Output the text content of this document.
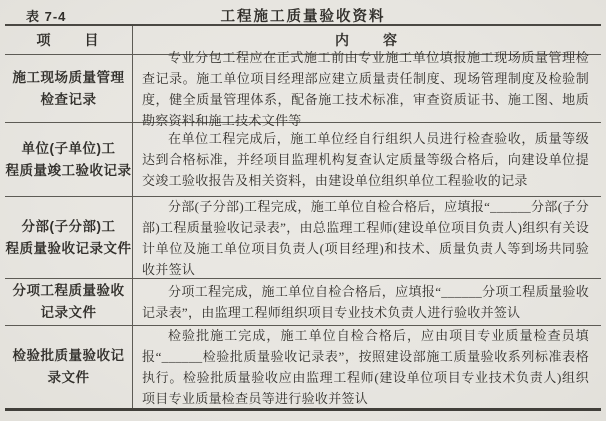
表 7-4	工程施工质量验收资料
项　　目	内　　容
施工现场质量管理
检查记录

专业分包工程应在正式施工前由专业施工单位填报施工现场质量管理检查记录。施工单位项目经理部应建立质量责任制度、现场管理制度及检验制度，健全质量管理体系，配备施工技术标准，审查资质证书、施工图、地质勘察资料和施工技术文件等

单位(子单位)工
程质量竣工验收记录

在单位工程完成后，施工单位经自行组织人员进行检查验收，质量等级达到合格标准，并经项目监理机构复查认定质量等级合格后，向建设单位提交竣工验收报告及相关资料，由建设单位组织单位工程验收的记录

分部(子分部)工
程质量验收记录文件

分部(子分部)工程完成，施工单位自检合格后，应填报“______分部(子分部)工程质量验收记录表”，由总监理工程师(建设单位项目负责人)组织有关设计单位及施工单位项目负责人(项目经理)和技术、质量负责人等到场共同验收并签认

分项工程质量验收
记录文件

分项工程完成，施工单位自检合格后，应填报“______分项工程质量验收记录表”，由监理工程师组织项目专业技术负责人进行验收并签认

检验批质量验收记
录文件

检验批施工完成，施工单位自检合格后，应由项目专业质量检查员填报“______检验批质量验收记录表”，按照建设部施工质量验收系列标准表格执行。检验批质量验收应由监理工程师(建设单位项目专业技术负责人)组织项目专业质量检查员等进行验收并签认
